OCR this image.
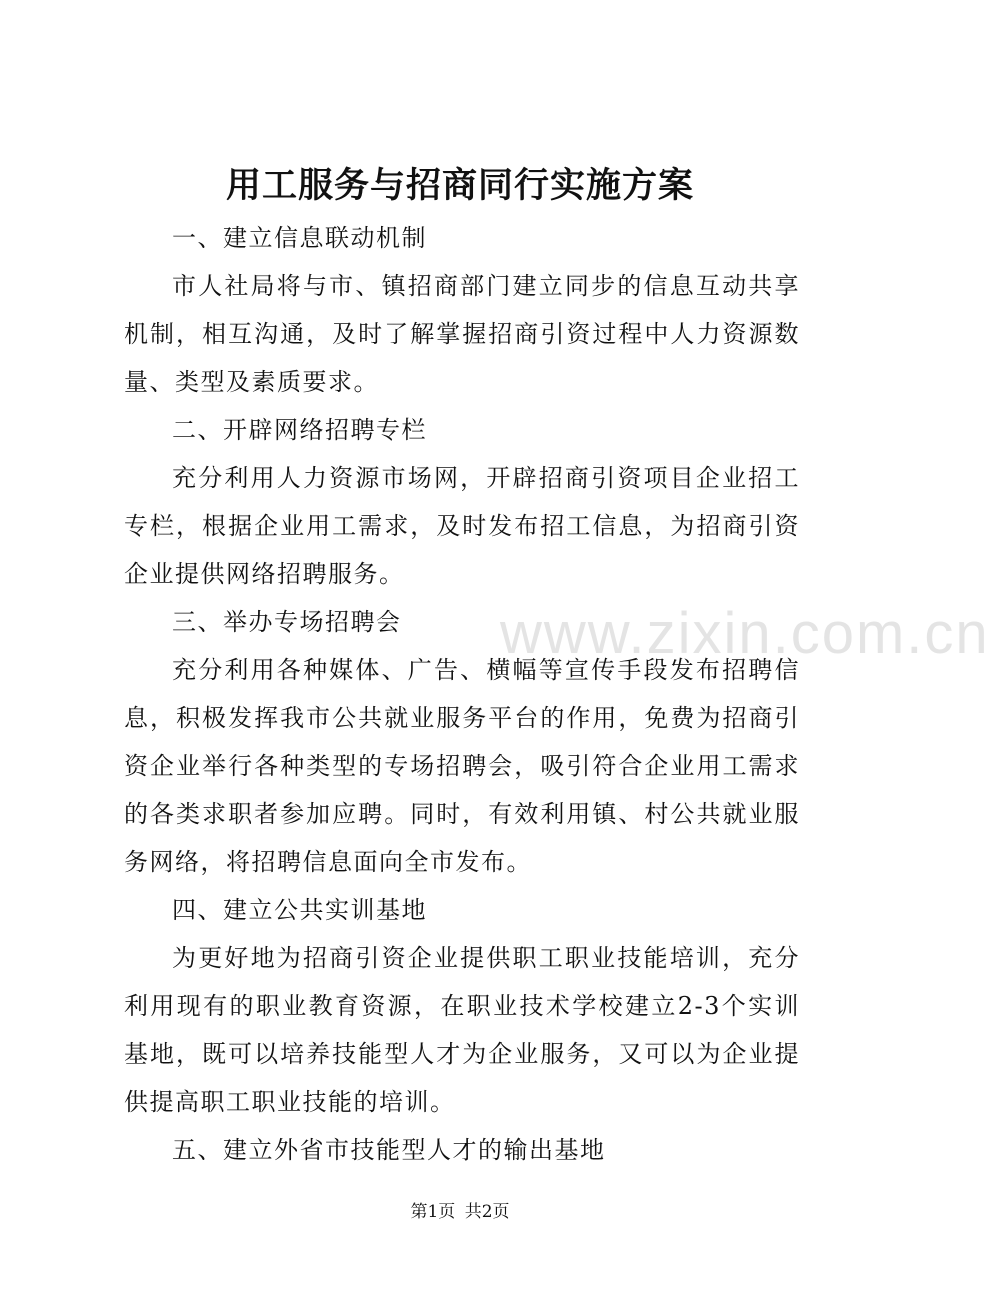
www.zixin.com.cn
用工服务与招商同行实施方案

一、建立信息联动机制

市人社局将与市、镇招商部门建立同步的信息互动共享机制，相互沟通，及时了解掌握招商引资过程中人力资源数量、类型及素质要求。

二、开辟网络招聘专栏

充分利用人力资源市场网，开辟招商引资项目企业招工专栏，根据企业用工需求，及时发布招工信息，为招商引资企业提供网络招聘服务。

三、举办专场招聘会

充分利用各种媒体、广告、横幅等宣传手段发布招聘信息，积极发挥我市公共就业服务平台的作用，免费为招商引资企业举行各种类型的专场招聘会，吸引符合企业用工需求的各类求职者参加应聘。同时，有效利用镇、村公共就业服务网络，将招聘信息面向全市发布。

四、建立公共实训基地

为更好地为招商引资企业提供职工职业技能培训，充分利用现有的职业教育资源，在职业技术学校建立2-3个实训基地，既可以培养技能型人才为企业服务，又可以为企业提供提高职工职业技能的培训。

五、建立外省市技能型人才的输出基地

第1页 共2页
